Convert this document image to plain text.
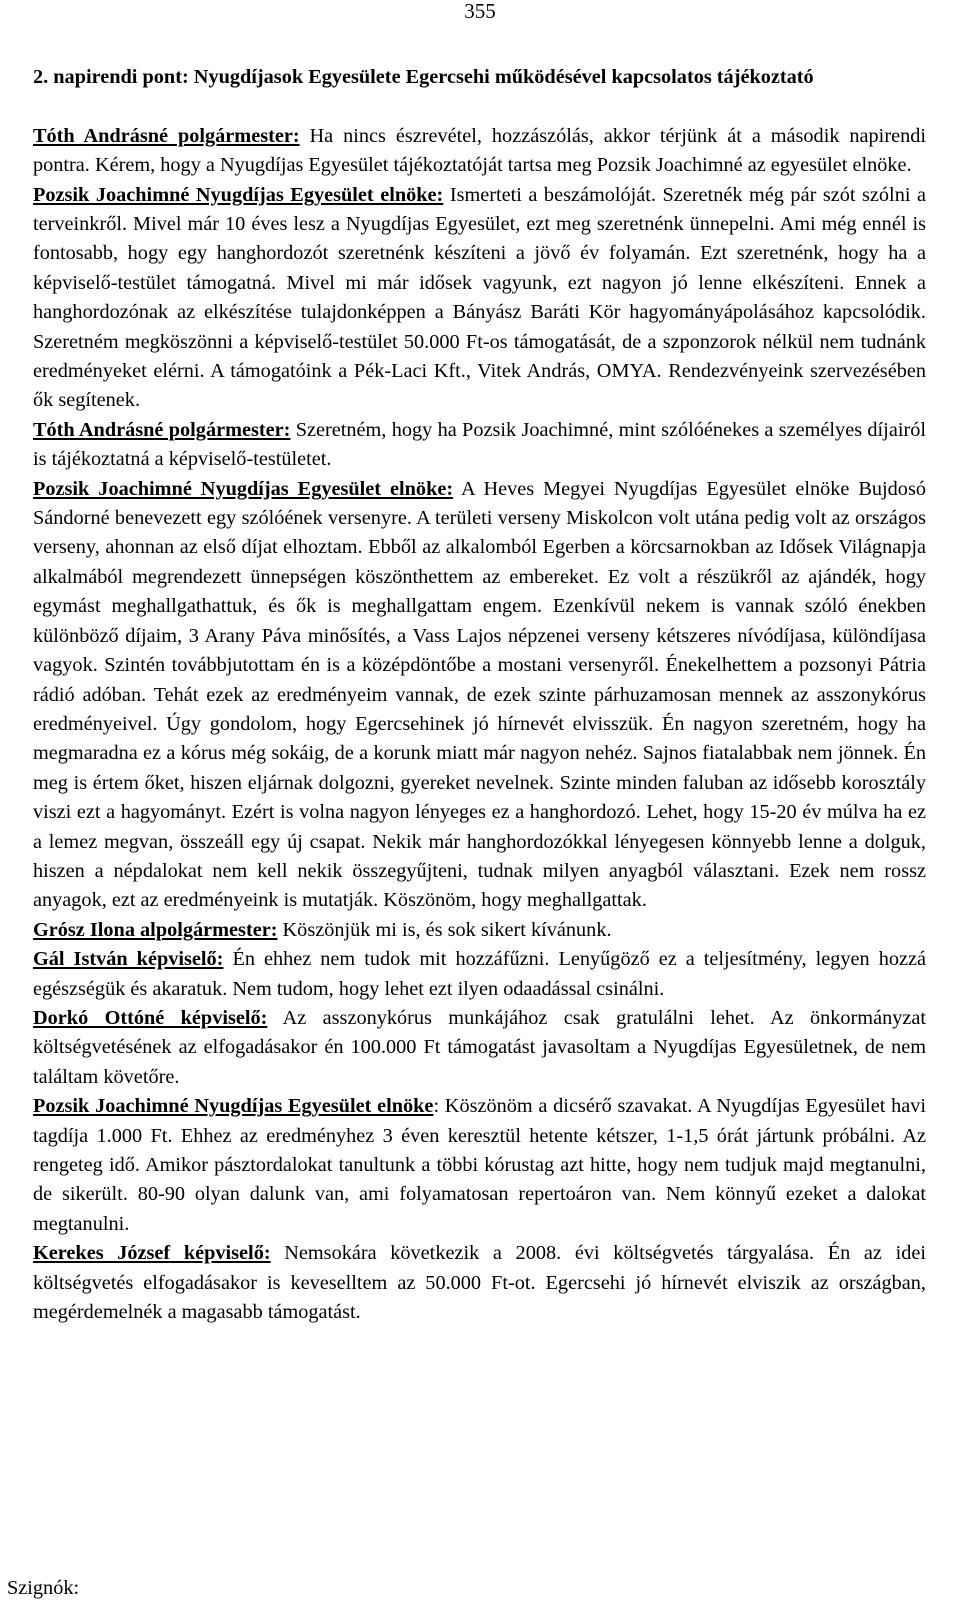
355

2. napirendi pont: Nyugdíjasok Egyesülete Egercsehi működésével kapcsolatos tájékoztató

Tóth Andrásné polgármester: Ha nincs észrevétel, hozzászólás, akkor térjünk át a második napirendi pontra. Kérem, hogy a Nyugdíjas Egyesület tájékoztatóját tartsa meg Pozsik Joachimné az egyesület elnöke.

Pozsik Joachimné Nyugdíjas Egyesület elnöke: Ismerteti a beszámolóját. Szeretnék még pár szót szólni a terveinkről. Mivel már 10 éves lesz a Nyugdíjas Egyesület, ezt meg szeretnénk ünnepelni. Ami még ennél is fontosabb, hogy egy hanghordozót szeretnénk készíteni a jövő év folyamán. Ezt szeretnénk, hogy ha a képviselő-testület támogatná. Mivel mi már idősek vagyunk, ezt nagyon jó lenne elkészíteni. Ennek a hanghordozónak az elkészítése tulajdonképpen a Bányász Baráti Kör hagyományápolásához kapcsolódik. Szeretném megköszönni a képviselő-testület 50.000 Ft-os támogatását, de a szponzorok nélkül nem tudnánk eredményeket elérni. A támogatóink a Pék-Laci Kft., Vitek András, OMYA. Rendezvényeink szervezésében ők segítenek.

Tóth Andrásné polgármester: Szeretném, hogy ha Pozsik Joachimné, mint szólóénekes a személyes díjairól is tájékoztatná a képviselő-testületet.

Pozsik Joachimné Nyugdíjas Egyesület elnöke: A Heves Megyei Nyugdíjas Egyesület elnöke Bujdosó Sándorné benevezett egy szólóének versenyre. A területi verseny Miskolcon volt utána pedig volt az országos verseny, ahonnan az első díjat elhoztam. Ebből az alkalomból Egerben a körcsarnokban az Idősek Világnapja alkalmából megrendezett ünnepségen köszönthettem az embereket. Ez volt a részükről az ajándék, hogy egymást meghallgathattuk, és ők is meghallgattam engem. Ezenkívül nekem is vannak szóló énekben különböző díjaim, 3 Arany Páva minősítés, a Vass Lajos népzenei verseny kétszeres nívódíjasa, különdíjasa vagyok. Szintén továbbjutottam én is a középdöntőbe a mostani versenyről. Énekelhettem a pozsonyi Pátria rádió adóban. Tehát ezek az eredményeim vannak, de ezek szinte párhuzamosan mennek az asszonykórus eredményeivel. Úgy gondolom, hogy Egercsehinek jó hírnevét elvisszük. Én nagyon szeretném, hogy ha megmaradna ez a kórus még sokáig, de a korunk miatt már nagyon nehéz. Sajnos fiatalabbak nem jönnek. Én meg is értem őket, hiszen eljárnak dolgozni, gyereket nevelnek. Szinte minden faluban az idősebb korosztály viszi ezt a hagyományt. Ezért is volna nagyon lényeges ez a hanghordozó. Lehet, hogy 15-20 év múlva ha ez a lemez megvan, összeáll egy új csapat. Nekik már hanghordozókkal lényegesen könnyebb lenne a dolguk, hiszen a népdalokat nem kell nekik összegyűjteni, tudnak milyen anyagból választani. Ezek nem rossz anyagok, ezt az eredményeink is mutatják. Köszönöm, hogy meghallgattak.

Grósz Ilona alpolgármester: Köszönjük mi is, és sok sikert kívánunk.

Gál István képviselő: Én ehhez nem tudok mit hozzáfűzni. Lenyűgöző ez a teljesítmény, legyen hozzá egészségük és akaratuk. Nem tudom, hogy lehet ezt ilyen odaadással csinálni.

Dorkó Ottóné képviselő: Az asszonykórus munkájához csak gratulálni lehet. Az önkormányzat költségvetésének az elfogadásakor én 100.000 Ft támogatást javasoltam a Nyugdíjas Egyesületnek, de nem találtam követőre.

Pozsik Joachimné Nyugdíjas Egyesület elnöke: Köszönöm a dicsérő szavakat. A Nyugdíjas Egyesület havi tagdíja 1.000 Ft. Ehhez az eredményhez 3 éven keresztül hetente kétszer, 1-1,5 órát jártunk próbálni. Az rengeteg idő. Amikor pásztordalokat tanultunk a többi kórustag azt hitte, hogy nem tudjuk majd megtanulni, de sikerült. 80-90 olyan dalunk van, ami folyamatosan repertoáron van. Nem könnyű ezeket a dalokat megtanulni.

Kerekes József képviselő: Nemsokára következik a 2008. évi költségvetés tárgyalása. Én az idei költségvetés elfogadásakor is keveselltem az 50.000 Ft-ot. Egercsehi jó hírnevét elviszik az országban, megérdemelnék a magasabb támogatást.

Szignók:
